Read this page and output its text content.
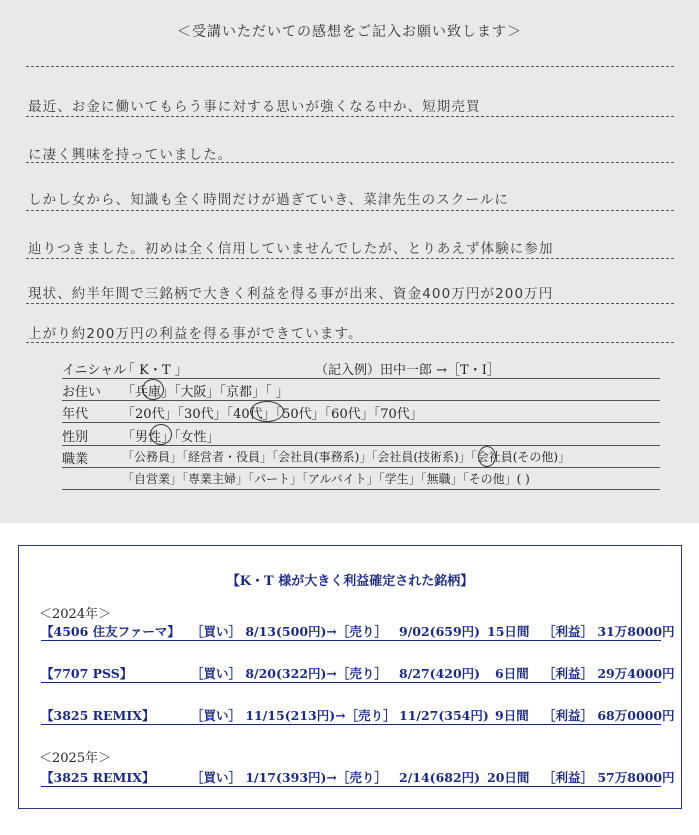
＜受講いただいての感想をご記入お願い致します＞
最近、お金に働いてもらう事に対する思いが強くなる中か、短期売買
に凄く興味を持っていました。
しかし女から、知識も全く時間だけが過ぎていき、菜津先生のスクールに
辿りつきました。初めは全く信用していませんでしたが、とりあえず体験に参加
現状、約半年間で三銘柄で大きく利益を得る事が出来、資金400万円が200万円
上がり約200万円の利益を得る事ができています。
イニシャル
「 K・T 」	（記入例）田中一郎 →［T・I］
お住い 「兵庫」「大阪」「京都」「 」
年代	「20代」「30代」「40代」「50代」「60代」「70代」
性別	「男性」「女性」
職業	「公務員」「経営者・役員」「会社員(事務系)」「会社員(技術系)」「会社員(その他)」
「自営業」「専業主婦」「パート」「アルバイト」「学生」「無職」「その他」( )
【K・T 様が大きく利益確定された銘柄】
＜2024年＞
【4506 住友ファーマ】 ［買い］ 8/13(500円)→［売り］ 9/02(659円) 15日間 ［利益］ 31万8000円
【7707 PSS】	［買い］ 8/20(322円)→［売り］ 8/27(420円) 6日間 ［利益］ 29万4000円
【3825 REMIX】	［買い］ 11/15(213円)→［売り］ 11/27(354円) 9日間 ［利益］ 68万0000円
＜2025年＞
【3825 REMIX】	［買い］ 1/17(393円)→［売り］ 2/14(682円) 20日間 ［利益］ 57万8000円
